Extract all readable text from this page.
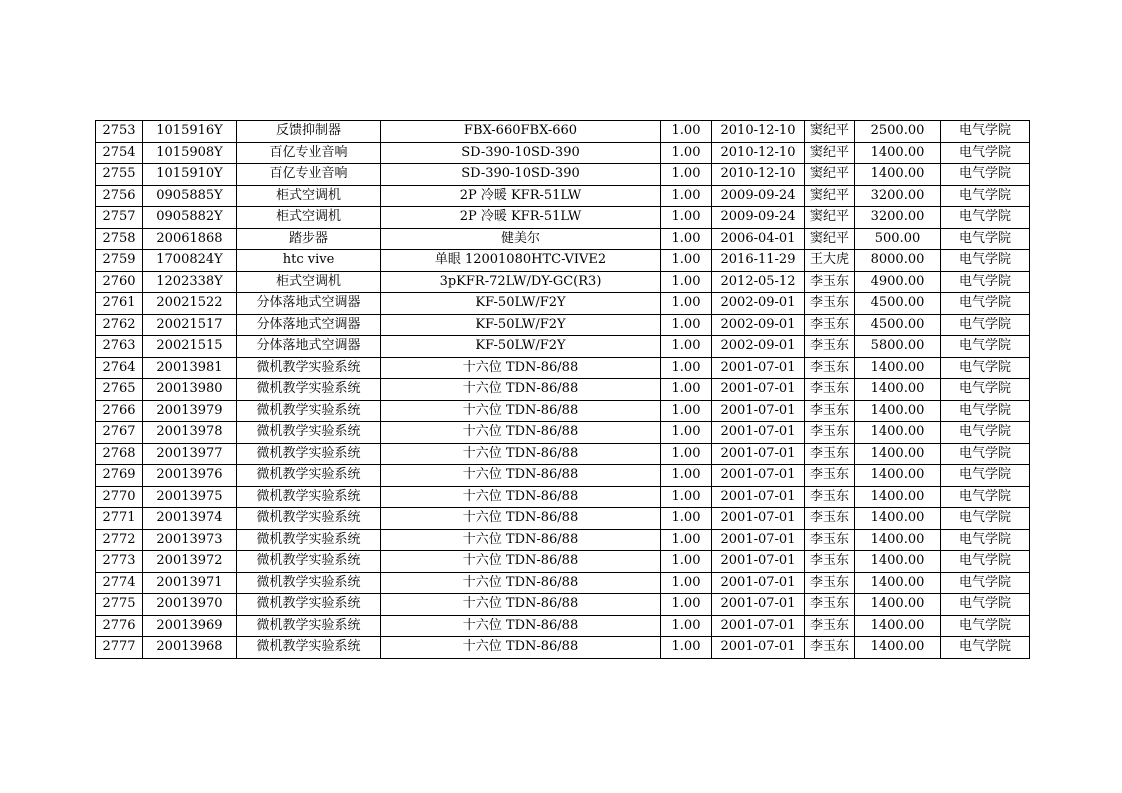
2753	1015916Y	反馈抑制器	FBX-660FBX-660	1.00	2010-12-10	窦纪平	2500.00	电气学院
2754	1015908Y	百亿专业音响	SD-390-10SD-390	1.00	2010-12-10	窦纪平	1400.00	电气学院
2755	1015910Y	百亿专业音响	SD-390-10SD-390	1.00	2010-12-10	窦纪平	1400.00	电气学院
2756	0905885Y	柜式空调机	2P 冷暖 KFR-51LW	1.00	2009-09-24	窦纪平	3200.00	电气学院
2757	0905882Y	柜式空调机	2P 冷暖 KFR-51LW	1.00	2009-09-24	窦纪平	3200.00	电气学院
2758	20061868	踏步器	健美尔	1.00	2006-04-01	窦纪平	500.00	电气学院
2759	1700824Y	htc vive	单眼 12001080HTC-VIVE2	1.00	2016-11-29	王大虎	8000.00	电气学院
2760	1202338Y	柜式空调机	3pKFR-72LW/DY-GC(R3)	1.00	2012-05-12	李玉东	4900.00	电气学院
2761	20021522	分体落地式空调器	KF-50LW/F2Y	1.00	2002-09-01	李玉东	4500.00	电气学院
2762	20021517	分体落地式空调器	KF-50LW/F2Y	1.00	2002-09-01	李玉东	4500.00	电气学院
2763	20021515	分体落地式空调器	KF-50LW/F2Y	1.00	2002-09-01	李玉东	5800.00	电气学院
2764	20013981	微机教学实验系统	十六位 TDN-86/88	1.00	2001-07-01	李玉东	1400.00	电气学院
2765	20013980	微机教学实验系统	十六位 TDN-86/88	1.00	2001-07-01	李玉东	1400.00	电气学院
2766	20013979	微机教学实验系统	十六位 TDN-86/88	1.00	2001-07-01	李玉东	1400.00	电气学院
2767	20013978	微机教学实验系统	十六位 TDN-86/88	1.00	2001-07-01	李玉东	1400.00	电气学院
2768	20013977	微机教学实验系统	十六位 TDN-86/88	1.00	2001-07-01	李玉东	1400.00	电气学院
2769	20013976	微机教学实验系统	十六位 TDN-86/88	1.00	2001-07-01	李玉东	1400.00	电气学院
2770	20013975	微机教学实验系统	十六位 TDN-86/88	1.00	2001-07-01	李玉东	1400.00	电气学院
2771	20013974	微机教学实验系统	十六位 TDN-86/88	1.00	2001-07-01	李玉东	1400.00	电气学院
2772	20013973	微机教学实验系统	十六位 TDN-86/88	1.00	2001-07-01	李玉东	1400.00	电气学院
2773	20013972	微机教学实验系统	十六位 TDN-86/88	1.00	2001-07-01	李玉东	1400.00	电气学院
2774	20013971	微机教学实验系统	十六位 TDN-86/88	1.00	2001-07-01	李玉东	1400.00	电气学院
2775	20013970	微机教学实验系统	十六位 TDN-86/88	1.00	2001-07-01	李玉东	1400.00	电气学院
2776	20013969	微机教学实验系统	十六位 TDN-86/88	1.00	2001-07-01	李玉东	1400.00	电气学院
2777	20013968	微机教学实验系统	十六位 TDN-86/88	1.00	2001-07-01	李玉东	1400.00	电气学院
